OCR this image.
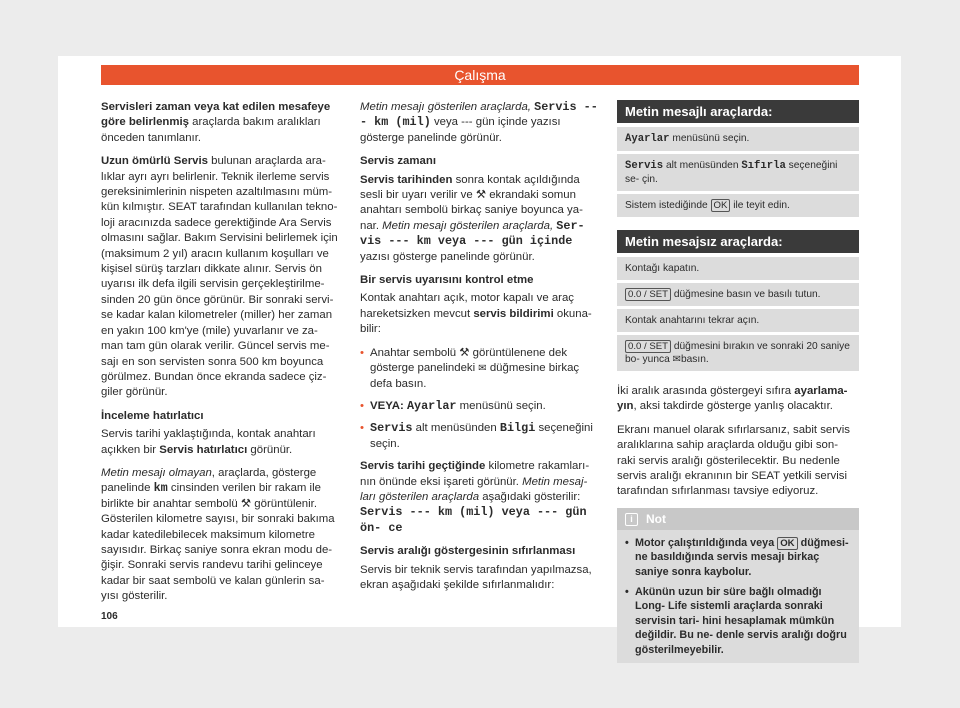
Çalışma

Servisleri zaman veya kat edilen mesafeye göre belirlenmiş araçlarda bakım aralıkları önceden tanımlanır.

Uzun ömürlü Servis bulunan araçlarda ara- lıklar ayrı ayrı belirlenir. Teknik ilerleme servis gereksinimlerinin nispeten azaltılmasını müm- kün kılmıştır. SEAT tarafından kullanılan tekno- loji aracınızda sadece gerektiğinde Ara Servis olmasını sağlar. Bakım Servisini belirlemek için (maksimum 2 yıl) aracın kullanım koşulları ve kişisel sürüş tarzları dikkate alınır. Servis ön uyarısı ilk defa ilgili servisin gerçekleştirilme- sinden 20 gün önce görünür. Bir sonraki servi- se kadar kalan kilometreler (miller) her zaman en yakın 100 km'ye (mile) yuvarlanır ve za- man tam gün olarak verilir. Güncel servis me- sajı en son servisten sonra 500 km boyunca görülmez. Bundan önce ekranda sadece çiz- giler görünür.

İnceleme hatırlatıcı

Servis tarihi yaklaştığında, kontak anahtarı açıkken bir Servis hatırlatıcı görünür.

Metin mesajı olmayan, araçlarda, gösterge panelinde km cinsinden verilen bir rakam ile birlikte bir anahtar sembolü ⚒ görüntülenir. Gösterilen kilometre sayısı, bir sonraki bakıma kadar katedilebilecek maksimum kilometre sayısıdır. Birkaç saniye sonra ekran modu de- ğişir. Sonraki servis randevu tarihi gelinceye kadar bir saat sembolü ve kalan günlerin sa- yısı gösterilir.

Metin mesajı gösterilen araçlarda, Servis --- km (mil) veya --- gün içinde yazısı gösterge panelinde görünür.

Servis zamanı

Servis tarihinden sonra kontak açıldığında sesli bir uyarı verilir ve ⚒ ekrandaki somun anahtarı sembolü birkaç saniye boyunca ya- nar. Metin mesajı gösterilen araçlarda, Ser- vis --- km veya --- gün içinde yazısı gösterge panelinde görünür.

Bir servis uyarısını kontrol etme

Kontak anahtarı açık, motor kapalı ve araç hareketsizken mevcut servis bildirimi okuna- bilir:

• Anahtar sembolü ⚒ görüntülenene dek gösterge panelindeki ✉ düğmesine birkaç defa basın.
• VEYA: Ayarlar menüsünü seçin.
• Servis alt menüsünden Bilgi seçeneğini seçin.

Servis tarihi geçtiğinde kilometre rakamları- nın önünde eksi işareti görünür. Metin mesaj- ları gösterilen araçlarda aşağıdaki gösterilir:
Servis --- km (mil) veya --- gün ön- ce

Servis aralığı göstergesinin sıfırlanması

Servis bir teknik servis tarafından yapılmazsa, ekran aşağıdaki şekilde sıfırlanmalıdır:

Metin mesajlı araçlarda:
Ayarlar menüsünü seçin.
Servis alt menüsünden Sıfırla seçeneğini se- çin.
Sistem istediğinde OK ile teyit edin.
Metin mesajsız araçlarda:
Kontağı kapatın.
0.0 / SET düğmesine basın ve basılı tutun.
Kontak anahtarını tekrar açın.
0.0 / SET düğmesini bırakın ve sonraki 20 saniye bo- yunca ✉basın.

İki aralık arasında göstergeyi sıfıra ayarlama- yın, aksi takdirde gösterge yanlış olacaktır.

Ekranı manuel olarak sıfırlarsanız, sabit servis aralıklarına sahip araçlarda olduğu gibi son- raki servis aralığı gösterilecektir. Bu nedenle servis aralığı ekranının bir SEAT yetkili servisi tarafından sıfırlanması tavsiye ediyoruz.

i Not
• Motor çalıştırıldığında veya OK düğmesi- ne basıldığında servis mesajı birkaç saniye sonra kaybolur.
• Akünün uzun bir süre bağlı olmadığı Long- Life sistemli araçlarda sonraki servisin tari- hini hesaplamak mümkün değildir. Bu ne- denle servis aralığı doğru gösterilmeyebilir.
106
